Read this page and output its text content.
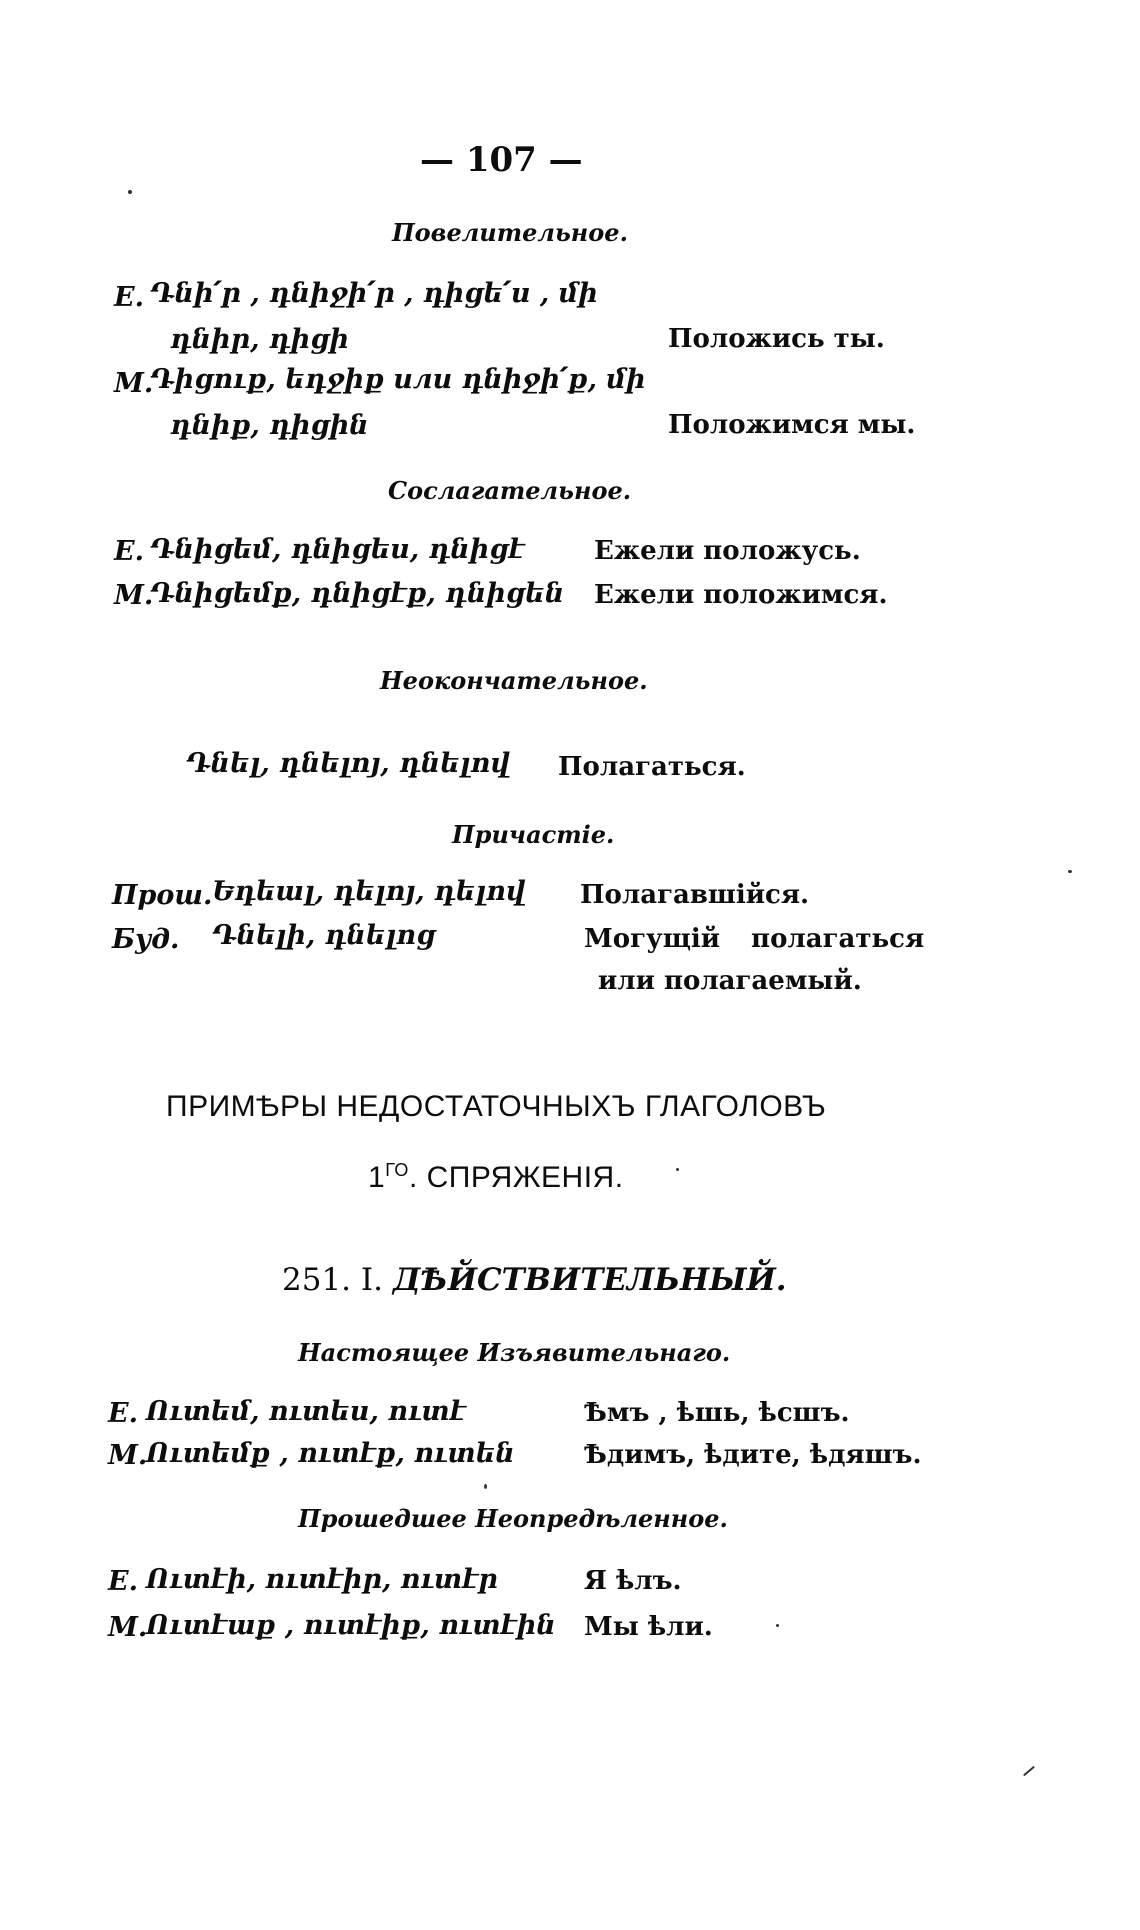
— 107 —
Повелительное.
Е. Դնի՛ր , դնիջի՛ր , դիցե՛ս , մի
դնիր, դիցի	Положись ты.
М.
Դիցուք, եդջիք или դնիջի՛ք, մի
դնիք, դիցին	Положимся мы.
Сослагательное.
Е. Դնիցեմ, դնիցես, դնիցէ	Ежели положусь.
М.
Դնիցեմք, դնիցէք, դնիցեն Ежели положимся.
Неокончательное.
Դնել, դնելոյ, դնելով Полагаться.
Причастіе.
Прош. Եդեալ, դելոյ, դելով Полагавшійся.
Буд. Դնելի, դնելոց	Могущій полагаться
или полагаемый.
ПРИМѢРЫ НЕДОСТАТОЧНЫХЪ ГЛАГОЛОВЪ
$1^{ГО}$. СПРЯЖЕНІЯ.
251. I. ДѢЙСТВИТЕЛЬНЫЙ.
Настоящее Изъявительнаго.
Е. Ուտեմ, ուտես, ուտէ	Ѣмъ , ѣшь, ѣсшъ.
М.
Ուտեմք , ուտէք, ուտեն	Ѣдимъ, ѣдите, ѣдяшъ.
Прошедшее Неопредѣленное.
Е. Ուտէի, ուտէիր, ուտէր	Я ѣлъ.
М.
Ուտէաք , ուտէիք, ուտէին Мы ѣли.
